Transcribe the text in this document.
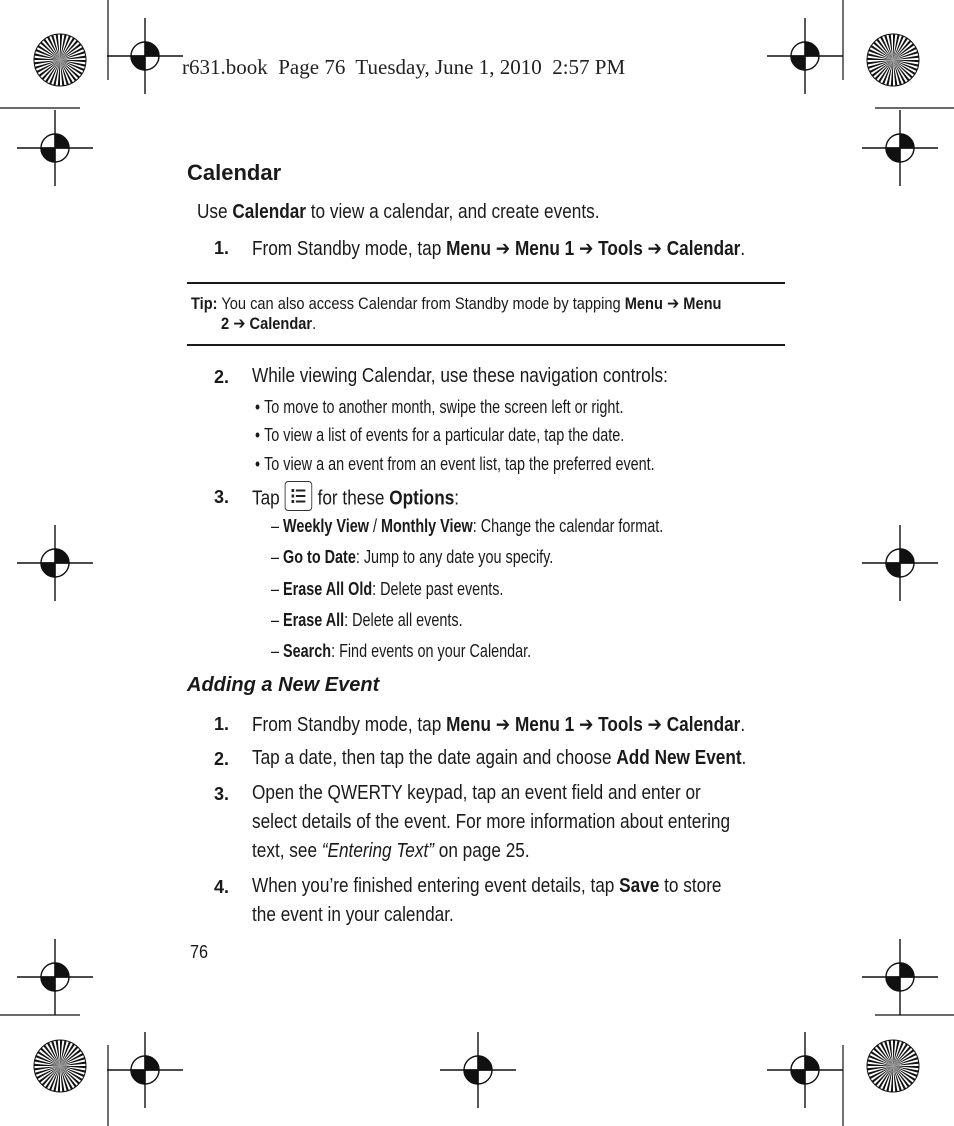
r631.book  Page 76  Tuesday, June 1, 2010  2:57 PM
Calendar
Use Calendar to view a calendar, and create events.
1. From Standby mode, tap Menu ➔ Menu 1 ➔ Tools ➔ Calendar.
Tip: You can also access Calendar from Standby mode by tapping Menu ➔ Menu
2 ➔ Calendar.
2. While viewing Calendar, use these navigation controls:
• To move to another month, swipe the screen left or right.
• To view a list of events for a particular date, tap the date.
• To view a an event from an event list, tap the preferred event.
3. Tap for these Options:
– Weekly View / Monthly View: Change the calendar format.
– Go to Date: Jump to any date you specify.
– Erase All Old: Delete past events.
– Erase All: Delete all events.
– Search: Find events on your Calendar.
Adding a New Event
1. From Standby mode, tap Menu ➔ Menu 1 ➔ Tools ➔ Calendar.
2. Tap a date, then tap the date again and choose Add New Event.
3. Open the QWERTY keypad, tap an event field and enter or
select details of the event. For more information about entering
text, see “Entering Text” on page 25.
4. When you’re finished entering event details, tap Save to store
the event in your calendar.
76
